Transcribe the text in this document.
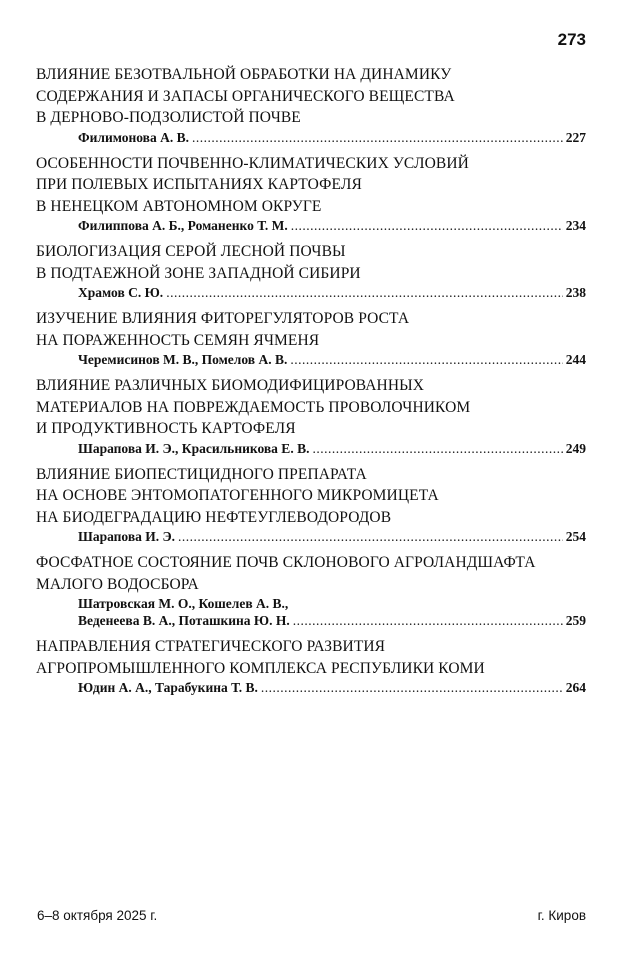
273
ВЛИЯНИЕ БЕЗОТВАЛЬНОЙ ОБРАБОТКИ НА ДИНАМИКУ
СОДЕРЖАНИЯ И ЗАПАСЫ ОРГАНИЧЕСКОГО ВЕЩЕСТВА
В ДЕРНОВО-ПОДЗОЛИСТОЙ ПОЧВЕ
Филимонова А. В. .....	227
ОСОБЕННОСТИ ПОЧВЕННО-КЛИМАТИЧЕСКИХ УСЛОВИЙ
ПРИ ПОЛЕВЫХ ИСПЫТАНИЯХ КАРТОФЕЛЯ
В НЕНЕЦКОМ АВТОНОМНОМ ОКРУГЕ
Филиппова А. Б., Романенко Т. М. .....	234
БИОЛОГИЗАЦИЯ СЕРОЙ ЛЕСНОЙ ПОЧВЫ
В ПОДТАЕЖНОЙ ЗОНЕ ЗАПАДНОЙ СИБИРИ
Храмов С. Ю. .....	238
ИЗУЧЕНИЕ ВЛИЯНИЯ ФИТОРЕГУЛЯТОРОВ РОСТА
НА ПОРАЖЕННОСТЬ СЕМЯН ЯЧМЕНЯ
Черемисинов М. В., Помелов А. В. .....	244
ВЛИЯНИЕ РАЗЛИЧНЫХ БИОМОДИФИЦИРОВАННЫХ
МАТЕРИАЛОВ НА ПОВРЕЖДАЕМОСТЬ ПРОВОЛОЧНИКОМ
И ПРОДУКТИВНОСТЬ КАРТОФЕЛЯ
Шарапова И. Э., Красильникова Е. В. .....	249
ВЛИЯНИЕ БИОПЕСТИЦИДНОГО ПРЕПАРАТА
НА ОСНОВЕ ЭНТОМОПАТОГЕННОГО МИКРОМИЦЕТА
НА БИОДЕГРАДАЦИЮ НЕФТЕУГЛЕВОДОРОДОВ
Шарапова И. Э. .....	254
ФОСФАТНОЕ СОСТОЯНИЕ ПОЧВ СКЛОНОВОГО АГРОЛАНДШАФТА
МАЛОГО ВОДОСБОРА
Шатровская М. О., Кошелев А. В.,
Веденеева В. А., Поташкина Ю. Н. .....	259
НАПРАВЛЕНИЯ СТРАТЕГИЧЕСКОГО РАЗВИТИЯ
АГРОПРОМЫШЛЕННОГО КОМПЛЕКСА РЕСПУБЛИКИ КОМИ
Юдин А. А., Тарабукина Т. В. .....	264
6–8 октября 2025 г.	г. Киров
